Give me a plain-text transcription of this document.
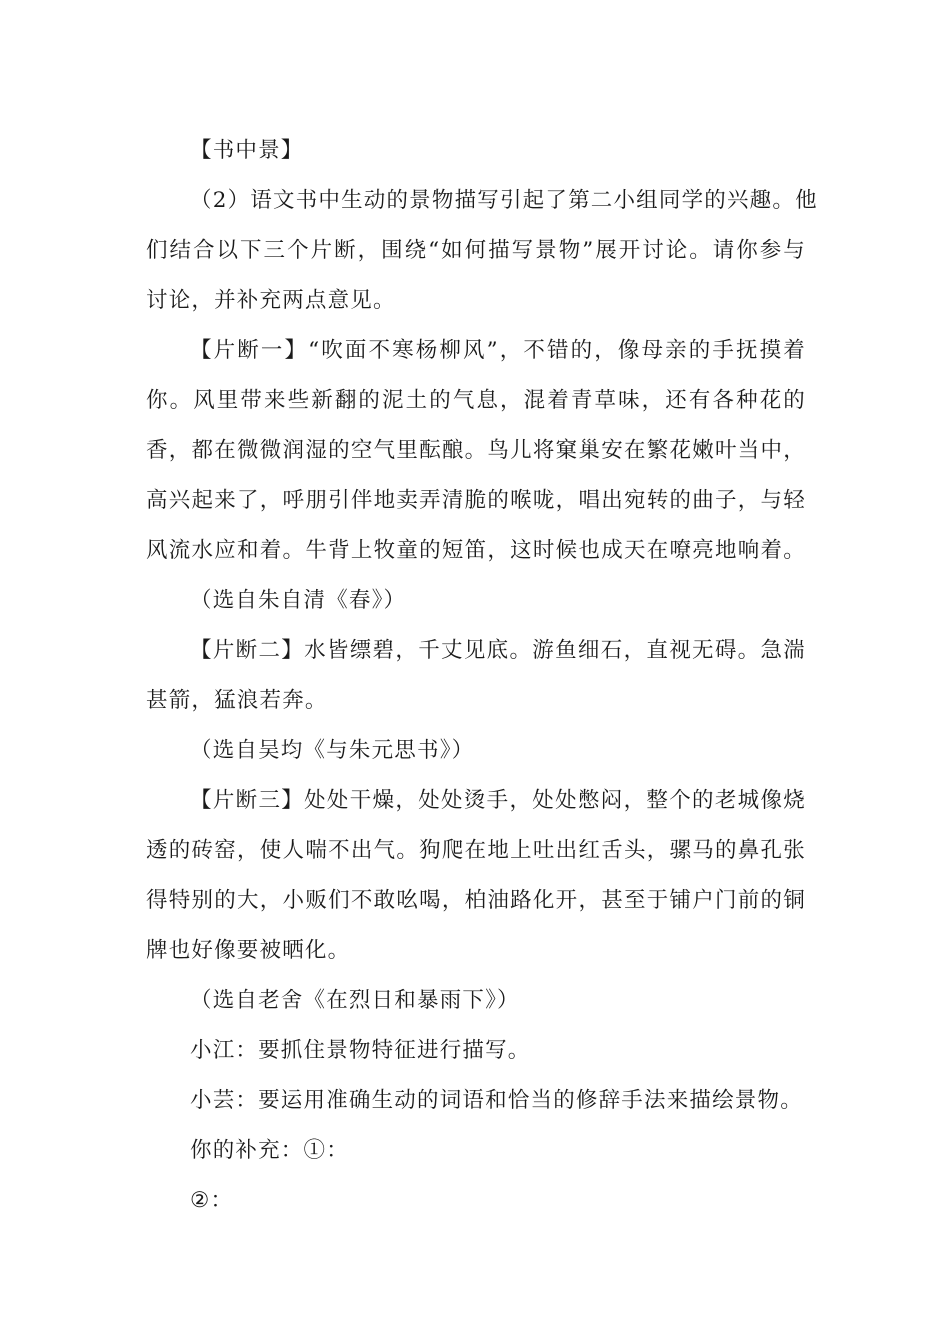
【书中景】
（2）语文书中生动的景物描写引起了第二小组同学的兴趣。他
们结合以下三个片断，围绕“如何描写景物”展开讨论。请你参与
讨论，并补充两点意见。
【片断一】“吹面不寒杨柳风”，不错的，像母亲的手抚摸着
你。风里带来些新翻的泥土的气息，混着青草味，还有各种花的
香，都在微微润湿的空气里酝酿。鸟儿将窠巢安在繁花嫩叶当中，
高兴起来了，呼朋引伴地卖弄清脆的喉咙，唱出宛转的曲子，与轻
风流水应和着。牛背上牧童的短笛，这时候也成天在嘹亮地响着。
（选自朱自清《春》）
【片断二】水皆缥碧，千丈见底。游鱼细石，直视无碍。急湍
甚箭，猛浪若奔。
（选自吴均《与朱元思书》）
【片断三】处处干燥，处处烫手，处处憋闷，整个的老城像烧
透的砖窑，使人喘不出气。狗爬在地上吐出红舌头，骡马的鼻孔张
得特别的大，小贩们不敢吆喝，柏油路化开，甚至于铺户门前的铜
牌也好像要被晒化。
（选自老舍《在烈日和暴雨下》）
小江：要抓住景物特征进行描写。
小芸：要运用准确生动的词语和恰当的修辞手法来描绘景物。
你的补充：①：
②：
